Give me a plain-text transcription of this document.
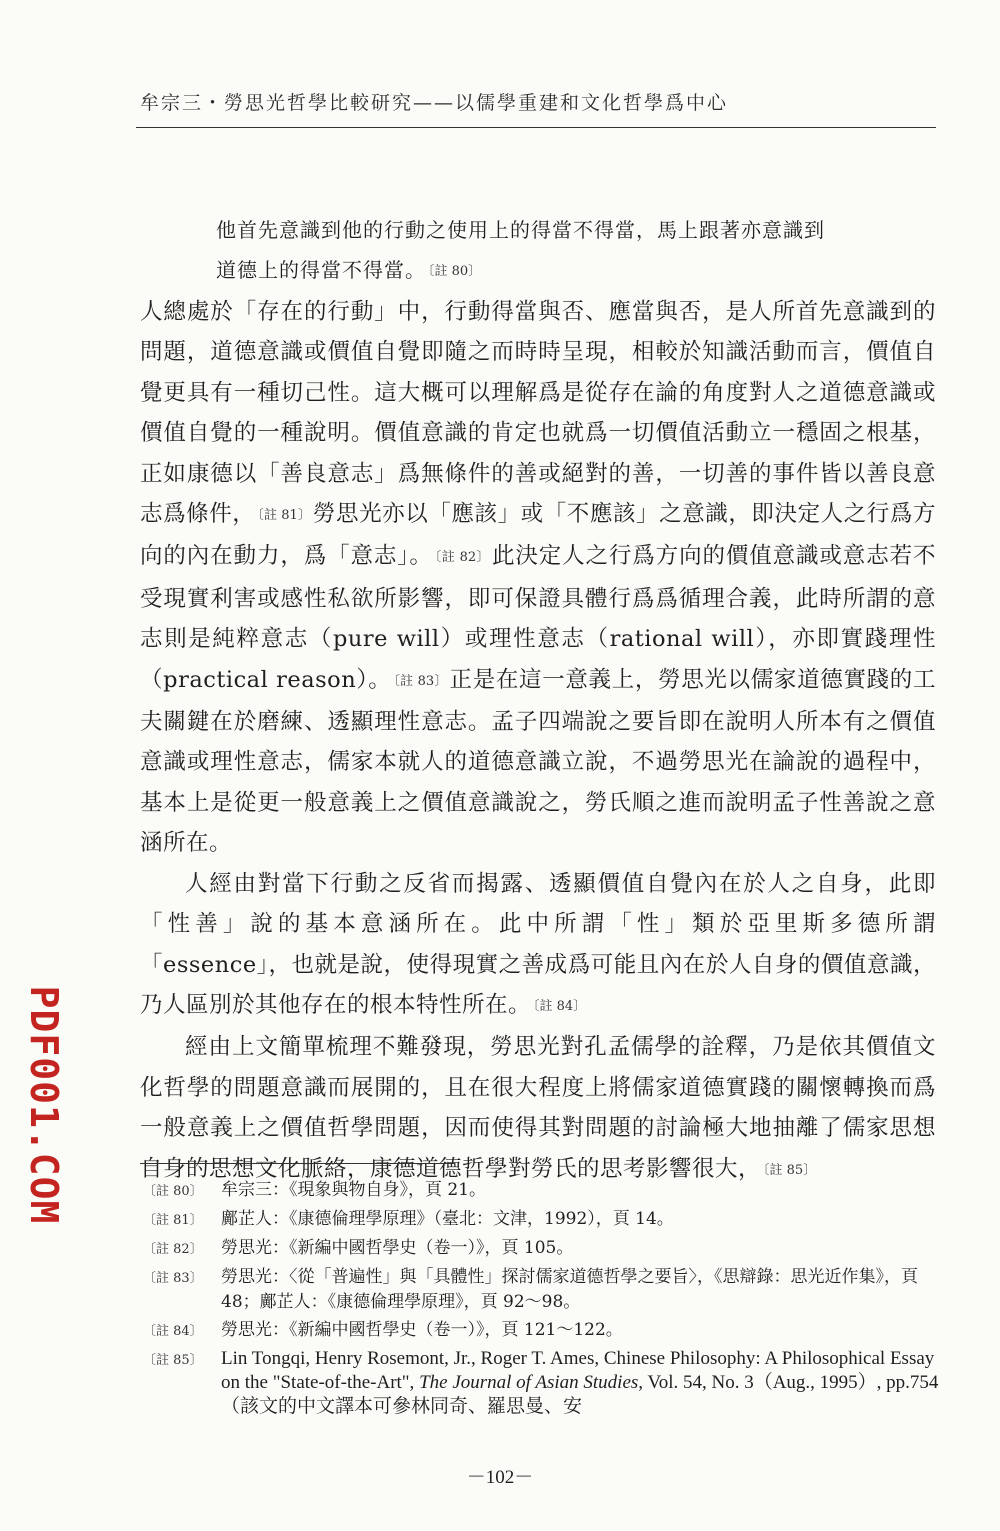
牟宗三・勞思光哲學比較研究——以儒學重建和文化哲學爲中心
他首先意識到他的行動之使用上的得當不得當，馬上跟著亦意識到
道德上的得當不得當。 〔註 80〕

人總處於「存在的行動」中，行動得當與否、應當與否，是人所首先意識到的問題，道德意識或價值自覺即隨之而時時呈現，相較於知識活動而言，價值自覺更具有一種切己性。這大概可以理解爲是從存在論的角度對人之道德意識或價值自覺的一種說明。價值意識的肯定也就爲一切價值活動立一穩固之根基，正如康德以「善良意志」爲無條件的善或絕對的善，一切善的事件皆以善良意志爲條件， 〔註 81〕勞思光亦以「應該」或「不應該」之意識，即決定人之行爲方向的內在動力，爲「意志」。 〔註 82〕此決定人之行爲方向的價值意識或意志若不受現實利害或感性私欲所影響，即可保證具體行爲爲循理合義，此時所謂的意志則是純粹意志（pure will）或理性意志（rational will），亦即實踐理性（practical reason）。 〔註 83〕正是在這一意義上，勞思光以儒家道德實踐的工夫關鍵在於磨練、透顯理性意志。孟子四端說之要旨即在說明人所本有之價值意識或理性意志，儒家本就人的道德意識立說，不過勞思光在論說的過程中，基本上是從更一般意義上之價值意識說之，勞氏順之進而說明孟子性善說之意涵所在。

人經由對當下行動之反省而揭露、透顯價值自覺內在於人之自身，此即「性善」說的基本意涵所在。此中所謂「性」類於亞里斯多德所謂「essence」，也就是說，使得現實之善成爲可能且內在於人自身的價值意識，乃人區別於其他存在的根本特性所在。 〔註 84〕

經由上文簡單梳理不難發現，勞思光對孔孟儒學的詮釋，乃是依其價值文化哲學的問題意識而展開的，且在很大程度上將儒家道德實踐的關懷轉換而爲一般意義上之價值哲學問題，因而使得其對問題的討論極大地抽離了儒家思想自身的思想文化脈絡，康德道德哲學對勞氏的思考影響很大， 〔註 85〕

〔註 80〕	牟宗三：《現象與物自身》，頁 21。
〔註 81〕	鄺芷人：《康德倫理學原理》（臺北：文津，1992），頁 14。
〔註 82〕	勞思光：《新編中國哲學史（卷一）》，頁 105。
〔註 83〕	勞思光：〈從「普遍性」與「具體性」探討儒家道德哲學之要旨〉，《思辯錄：思光近作集》，頁 48；鄺芷人：《康德倫理學原理》，頁 92～98。
〔註 84〕	勞思光：《新編中國哲學史（卷一）》，頁 121～122。
〔註 85〕 Lin Tongqi, Henry Rosemont, Jr., Roger T. Ames, Chinese Philosophy: A Philosophical Essay on the "State-of-the-Art", The Journal of Asian Studies, Vol. 54, No. 3（Aug., 1995）, pp.754（該文的中文譯本可參林同奇、羅思曼、安
－102－
PDF001.COM
